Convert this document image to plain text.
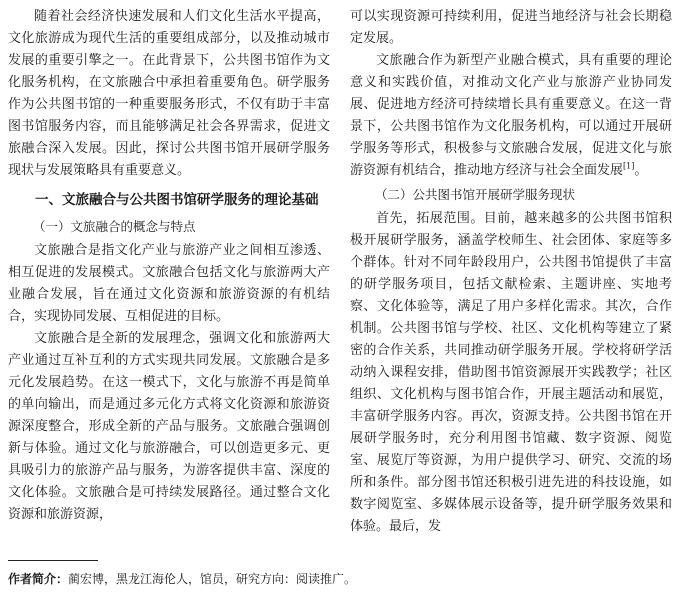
随着社会经济快速发展和人们文化生活水平提高，文化旅游成为现代生活的重要组成部分，以及推动城市发展的重要引擎之一。在此背景下，公共图书馆作为文化服务机构，在文旅融合中承担着重要角色。研学服务作为公共图书馆的一种重要服务形式，不仅有助于丰富图书馆服务内容，而且能够满足社会各界需求，促进文旅融合深入发展。因此，探讨公共图书馆开展研学服务现状与发展策略具有重要意义。

一、文旅融合与公共图书馆研学服务的理论基础
（一）文旅融合的概念与特点

文旅融合是指文化产业与旅游产业之间相互渗透、相互促进的发展模式。文旅融合包括文化与旅游两大产业融合发展，旨在通过文化资源和旅游资源的有机结合，实现协同发展、互相促进的目标。

文旅融合是全新的发展理念，强调文化和旅游两大产业通过互补互利的方式实现共同发展。文旅融合是多元化发展趋势。在这一模式下，文化与旅游不再是简单的单向输出，而是通过多元化方式将文化资源和旅游资源深度整合，形成全新的产品与服务。文旅融合强调创新与体验。通过文化与旅游融合，可以创造更多元、更具吸引力的旅游产品与服务，为游客提供丰富、深度的文化体验。文旅融合是可持续发展路径。通过整合文化资源和旅游资源，

可以实现资源可持续利用，促进当地经济与社会长期稳定发展。

文旅融合作为新型产业融合模式，具有重要的理论意义和实践价值，对推动文化产业与旅游产业协同发展、促进地方经济可持续增长具有重要意义。在这一背景下，公共图书馆作为文化服务机构，可以通过开展研学服务等形式，积极参与文旅融合发展，促进文化与旅游资源有机结合，推动地方经济与社会全面发展[1]。

（二）公共图书馆开展研学服务现状

首先，拓展范围。目前，越来越多的公共图书馆积极开展研学服务，涵盖学校师生、社会团体、家庭等多个群体。针对不同年龄段用户，公共图书馆提供了丰富的研学服务项目，包括文献检索、主题讲座、实地考察、文化体验等，满足了用户多样化需求。其次，合作机制。公共图书馆与学校、社区、文化机构等建立了紧密的合作关系，共同推动研学服务开展。学校将研学活动纳入课程安排，借助图书馆资源展开实践教学；社区组织、文化机构与图书馆合作，开展主题活动和展览，丰富研学服务内容。再次，资源支持。公共图书馆在开展研学服务时，充分利用图书馆藏、数字资源、阅览室、展览厅等资源，为用户提供学习、研究、交流的场所和条件。部分图书馆还积极引进先进的科技设施，如数字阅览室、多媒体展示设备等，提升研学服务效果和体验。最后，发

作者简介：蔺宏博，黑龙江海伦人，馆员，研究方向：阅读推广。
